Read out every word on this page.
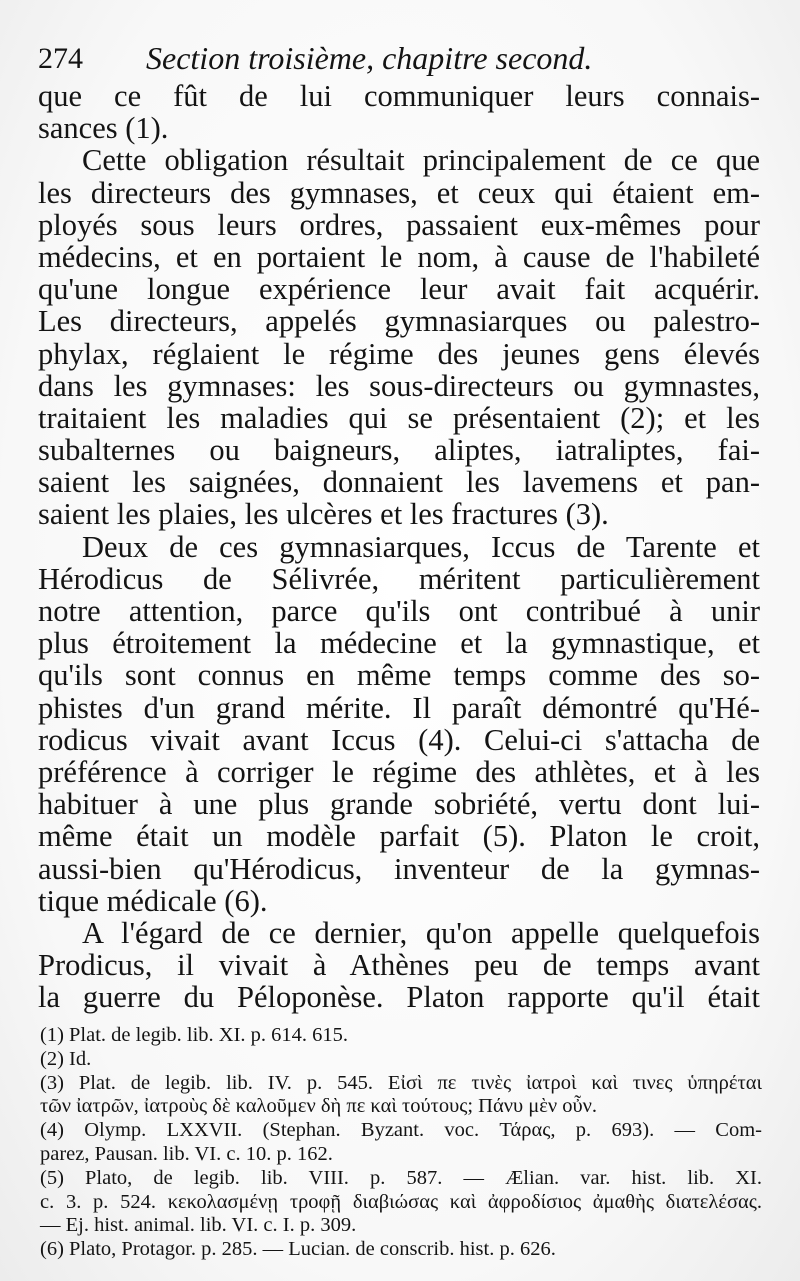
274 Section troisième, chapitre second.
que ce fût de lui communiquer leurs connais-
sances (1).
Cette obligation résultait principalement de ce que
les directeurs des gymnases, et ceux qui étaient em-
ployés sous leurs ordres, passaient eux-mêmes pour
médecins, et en portaient le nom, à cause de l'habileté
qu'une longue expérience leur avait fait acquérir.
Les directeurs, appelés gymnasiarques ou palestro-
phylax, réglaient le régime des jeunes gens élevés
dans les gymnases: les sous-directeurs ou gymnastes,
traitaient les maladies qui se présentaient (2); et les
subalternes ou baigneurs, aliptes, iatraliptes, fai-
saient les saignées, donnaient les lavemens et pan-
saient les plaies, les ulcères et les fractures (3).
Deux de ces gymnasiarques, Iccus de Tarente et
Hérodicus de Sélivrée, méritent particulièrement
notre attention, parce qu'ils ont contribué à unir
plus étroitement la médecine et la gymnastique, et
qu'ils sont connus en même temps comme des so-
phistes d'un grand mérite. Il paraît démontré qu'Hé-
rodicus vivait avant Iccus (4). Celui-ci s'attacha de
préférence à corriger le régime des athlètes, et à les
habituer à une plus grande sobriété, vertu dont lui-
même était un modèle parfait (5). Platon le croit,
aussi-bien qu'Hérodicus, inventeur de la gymnas-
tique médicale (6).
A l'égard de ce dernier, qu'on appelle quelquefois
Prodicus, il vivait à Athènes peu de temps avant
la guerre du Péloponèse. Platon rapporte qu'il était
(1) Plat. de legib. lib. XI. p. 614. 615.
(2) Id.
(3) Plat. de legib. lib. IV. p. 545. Εἰσὶ πε τινὲς ἰατροὶ καὶ τινες ὑπηρέται
τῶν ἰατρῶν, ἰατροὺς δὲ καλοῦμεν δὴ πε καὶ τούτους; Πάνυ μὲν οὖν.
(4) Olymp. LXXVII. (Stephan. Byzant. voc. Τάρας, p. 693). — Com-
parez, Pausan. lib. VI. c. 10. p. 162.
(5) Plato, de legib. lib. VIII. p. 587. — Ælian. var. hist. lib. XI.
c. 3. p. 524. κεκολασμένῃ τροφῇ διαβιώσας καὶ ἀφροδίσιος ἀμαθὴς διατελέσας.
— Ej. hist. animal. lib. VI. c. I. p. 309.
(6) Plato, Protagor. p. 285. — Lucian. de conscrib. hist. p. 626.
